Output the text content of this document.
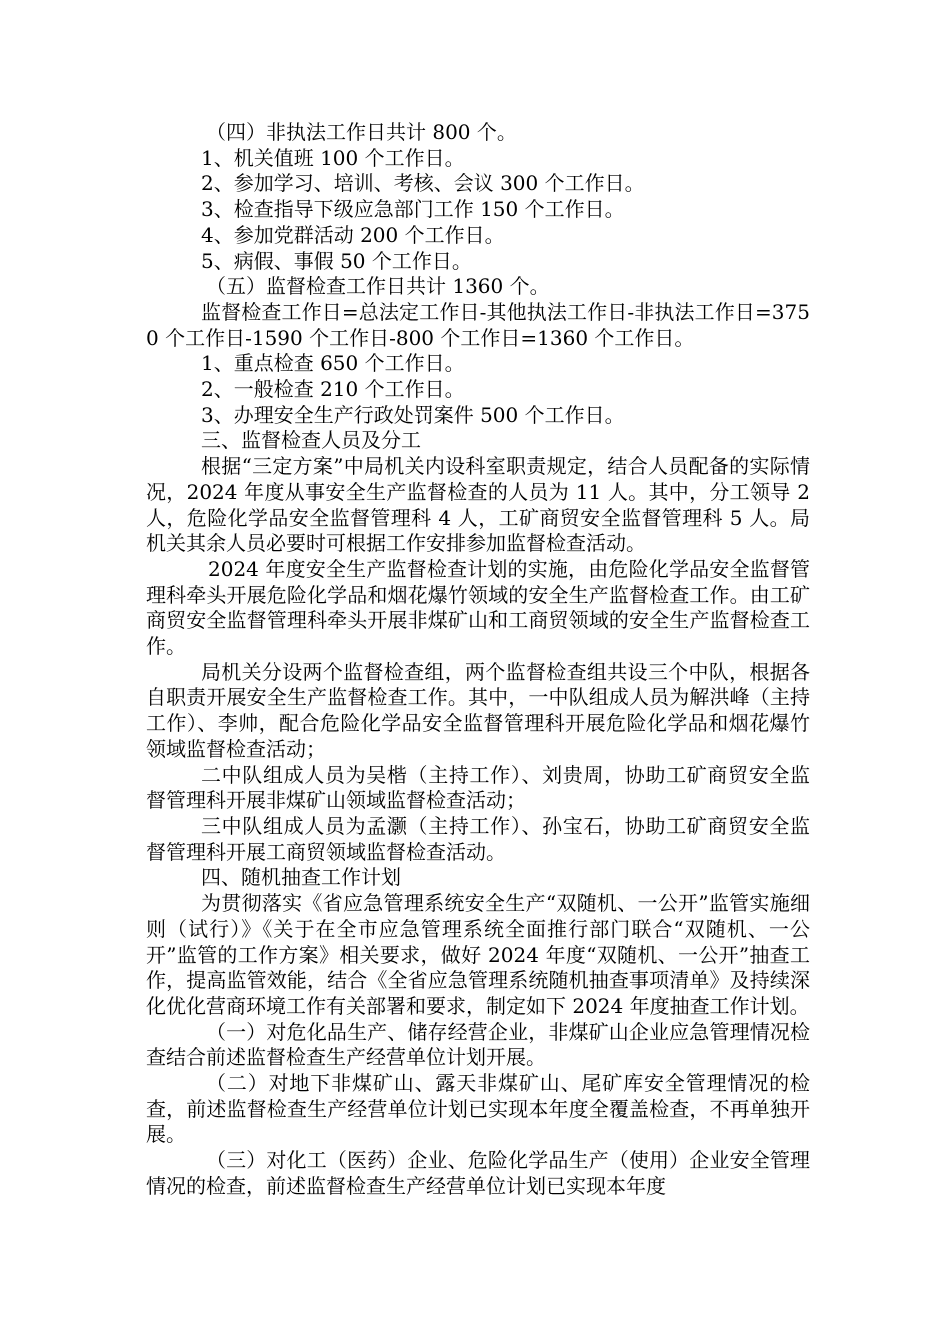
（四）非执法工作日共计 800 个。

1、机关值班 100 个工作日。

2、参加学习、培训、考核、会议 300 个工作日。

3、检查指导下级应急部门工作 150 个工作日。

4、参加党群活动 200 个工作日。

5、病假、事假 50 个工作日。

（五）监督检查工作日共计 1360 个。

监督检查工作日=总法定工作日-其他执法工作日-非执法工作日=3750 个工作日-1590 个工作日-800 个工作日=1360 个工作日。

1、重点检查 650 个工作日。

2、一般检查 210 个工作日。

3、办理安全生产行政处罚案件 500 个工作日。

三、监督检查人员及分工

根据“三定方案”中局机关内设科室职责规定，结合人员配备的实际情况，2024 年度从事安全生产监督检查的人员为 11 人。其中，分工领导 2 人，危险化学品安全监督管理科 4 人，工矿商贸安全监督管理科 5 人。局机关其余人员必要时可根据工作安排参加监督检查活动。

2024 年度安全生产监督检查计划的实施，由危险化学品安全监督管理科牵头开展危险化学品和烟花爆竹领域的安全生产监督检查工作。由工矿商贸安全监督管理科牵头开展非煤矿山和工商贸领域的安全生产监督检查工作。

局机关分设两个监督检查组，两个监督检查组共设三个中队，根据各自职责开展安全生产监督检查工作。其中，一中队组成人员为解洪峰（主持工作）、李帅，配合危险化学品安全监督管理科开展危险化学品和烟花爆竹领域监督检查活动；

二中队组成人员为吴楷（主持工作）、刘贵周，协助工矿商贸安全监督管理科开展非煤矿山领域监督检查活动；

三中队组成人员为孟灏（主持工作）、孙宝石，协助工矿商贸安全监督管理科开展工商贸领域监督检查活动。

四、随机抽查工作计划

为贯彻落实《省应急管理系统安全生产“双随机、一公开”监管实施细则（试行）》《关于在全市应急管理系统全面推行部门联合“双随机、一公开”监管的工作方案》相关要求，做好 2024 年度“双随机、一公开”抽查工作，提高监管效能，结合《全省应急管理系统随机抽查事项清单》及持续深化优化营商环境工作有关部署和要求，制定如下 2024 年度抽查工作计划。

（一）对危化品生产、储存经营企业，非煤矿山企业应急管理情况检查结合前述监督检查生产经营单位计划开展。

（二）对地下非煤矿山、露天非煤矿山、尾矿库安全管理情况的检查，前述监督检查生产经营单位计划已实现本年度全覆盖检查，不再单独开展。

（三）对化工（医药）企业、危险化学品生产（使用）企业安全管理情况的检查，前述监督检查生产经营单位计划已实现本年度
